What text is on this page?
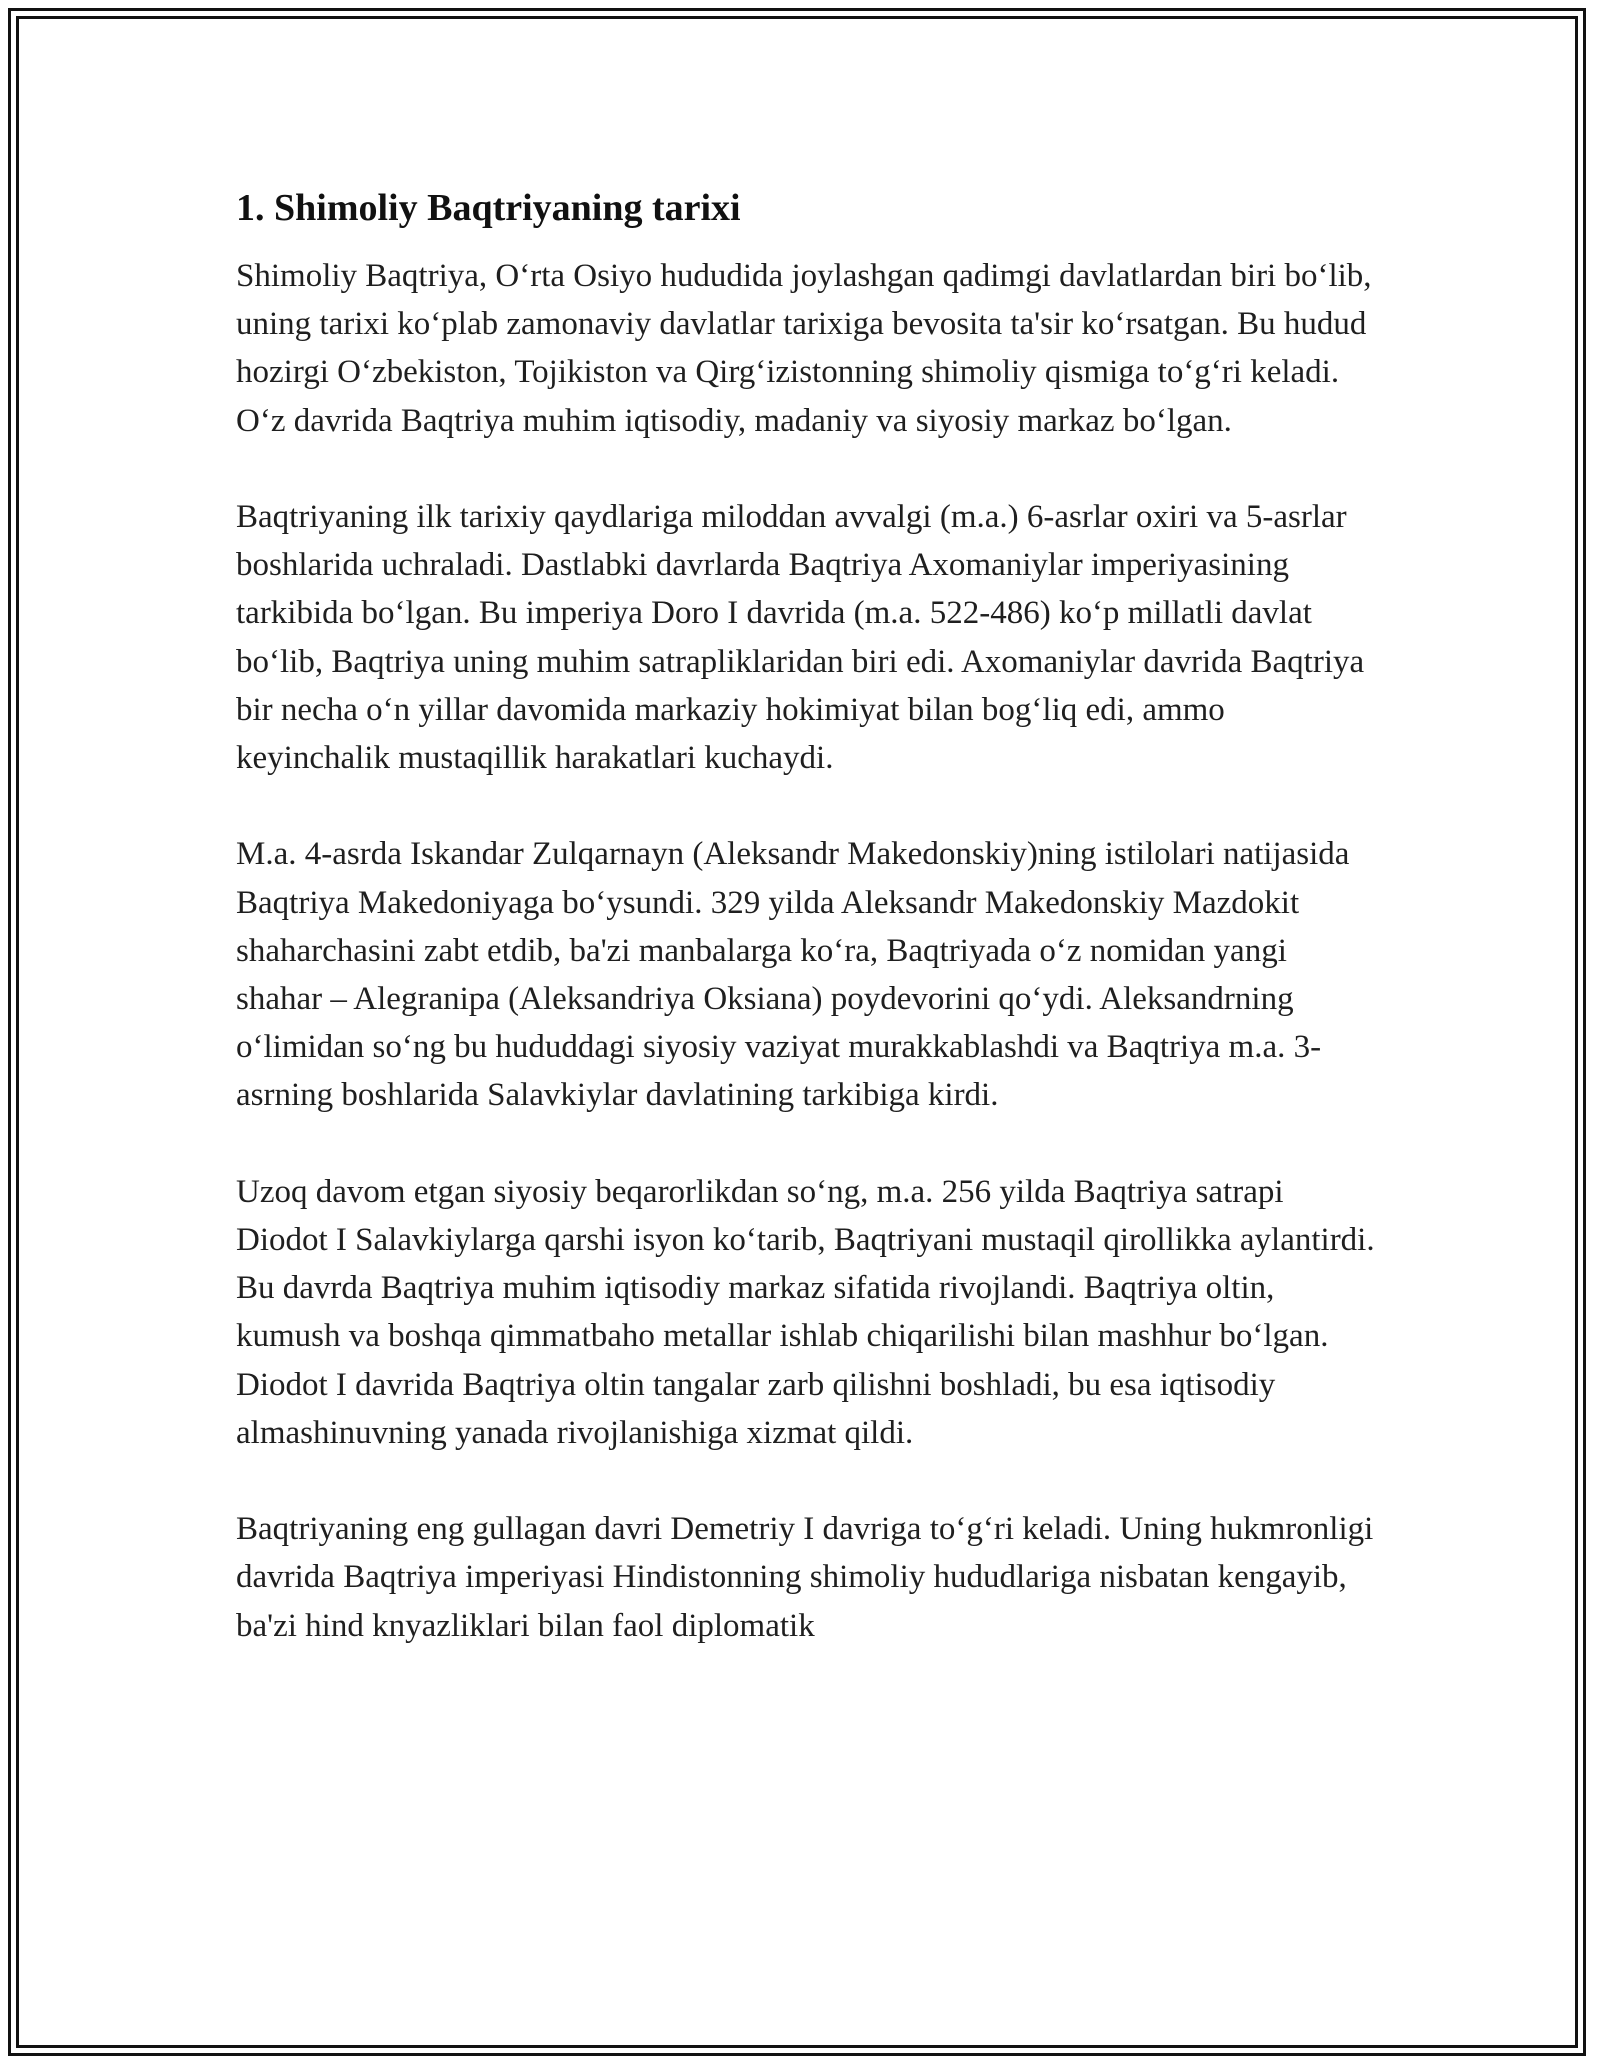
1. Shimoliy Baqtriyaning tarixi

Shimoliy Baqtriya, O‘rta Osiyo hududida joylashgan qadimgi davlatlardan biri bo‘lib, uning tarixi ko‘plab zamonaviy davlatlar tarixiga bevosita ta'sir ko‘rsatgan. Bu hudud hozirgi O‘zbekiston, Tojikiston va Qirg‘izistonning shimoliy qismiga to‘g‘ri keladi. O‘z davrida Baqtriya muhim iqtisodiy, madaniy va siyosiy markaz bo‘lgan.

Baqtriyaning ilk tarixiy qaydlariga miloddan avvalgi (m.a.) 6-asrlar oxiri va 5-asrlar boshlarida uchraladi. Dastlabki davrlarda Baqtriya Axomaniylar imperiyasining tarkibida bo‘lgan. Bu imperiya Doro I davrida (m.a. 522-486) ko‘p millatli davlat bo‘lib, Baqtriya uning muhim satrapliklaridan biri edi. Axomaniylar davrida Baqtriya bir necha o‘n yillar davomida markaziy hokimiyat bilan bog‘liq edi, ammo keyinchalik mustaqillik harakatlari kuchaydi.

M.a. 4-asrda Iskandar Zulqarnayn (Aleksandr Makedonskiy)ning istilolari natijasida Baqtriya Makedoniyaga bo‘ysundi. 329 yilda Aleksandr Makedonskiy Mazdokit shaharchasini zabt etdib, ba'zi manbalarga ko‘ra, Baqtriyada o‘z nomidan yangi shahar – Alegranipa (Aleksandriya Oksiana) poydevorini qo‘ydi. Aleksandrning o‘limidan so‘ng bu hududdagi siyosiy vaziyat murakkablashdi va Baqtriya m.a. 3-asrning boshlarida Salavkiylar davlatining tarkibiga kirdi.

Uzoq davom etgan siyosiy beqarorlikdan so‘ng, m.a. 256 yilda Baqtriya satrapi Diodot I Salavkiylarga qarshi isyon ko‘tarib, Baqtriyani mustaqil qirollikka aylantirdi. Bu davrda Baqtriya muhim iqtisodiy markaz sifatida rivojlandi. Baqtriya oltin, kumush va boshqa qimmatbaho metallar ishlab chiqarilishi bilan mashhur bo‘lgan. Diodot I davrida Baqtriya oltin tangalar zarb qilishni boshladi, bu esa iqtisodiy almashinuvning yanada rivojlanishiga xizmat qildi.

Baqtriyaning eng gullagan davri Demetriy I davriga to‘g‘ri keladi. Uning hukmronligi davrida Baqtriya imperiyasi Hindistonning shimoliy hududlariga nisbatan kengayib, ba'zi hind knyazliklari bilan faol diplomatik
